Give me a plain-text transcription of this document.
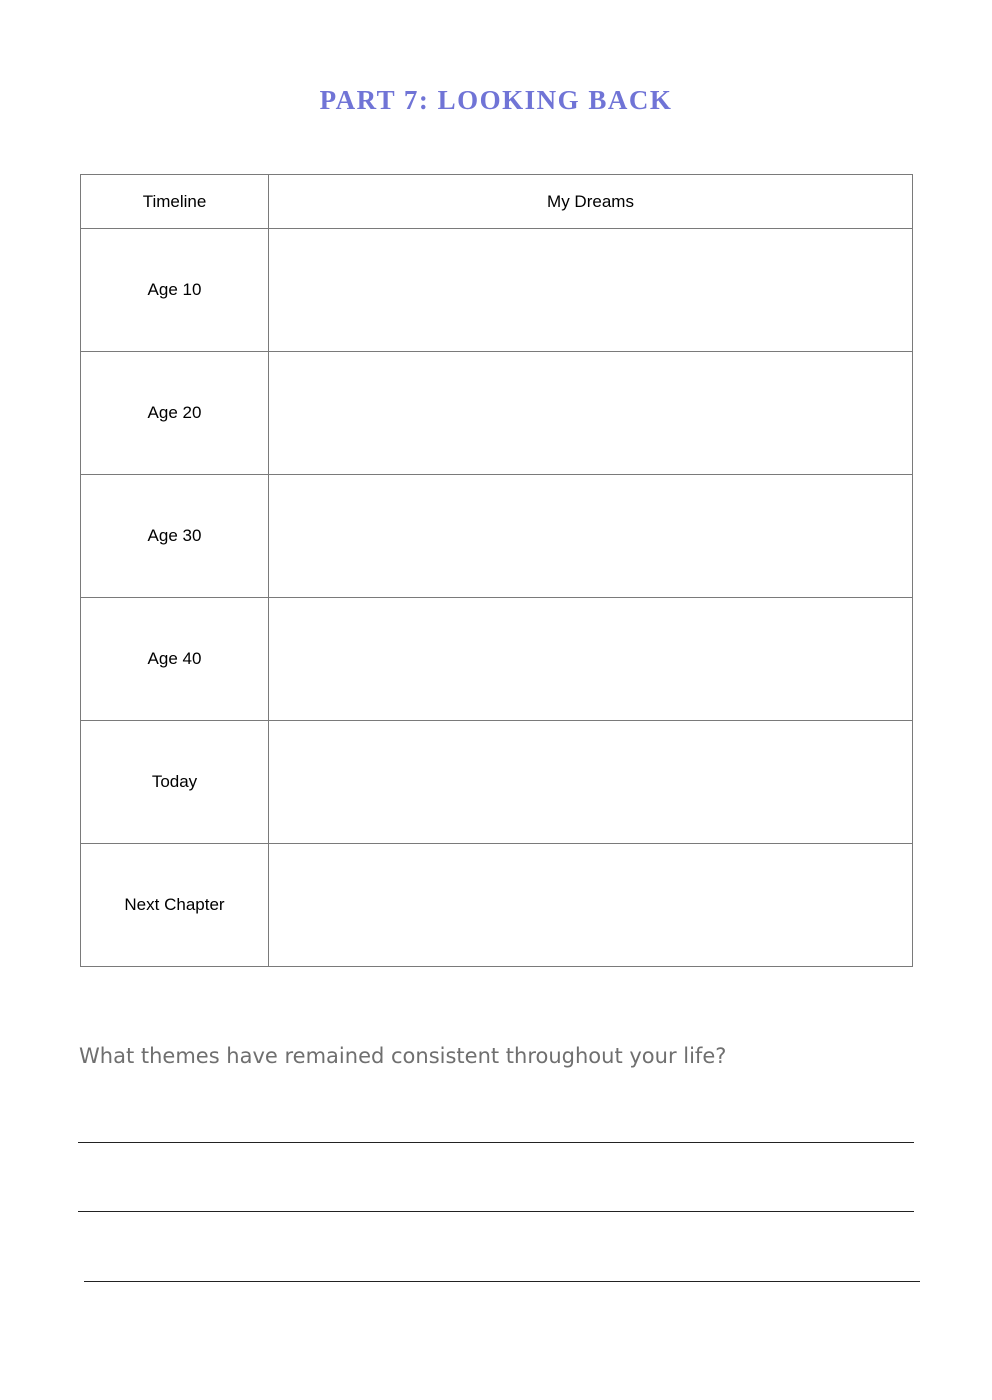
PART 7: LOOKING BACK
Timeline	My Dreams
Age 10	
Age 20	
Age 30	
Age 40	
Today	
Next Chapter	
What themes have remained consistent throughout your life?
